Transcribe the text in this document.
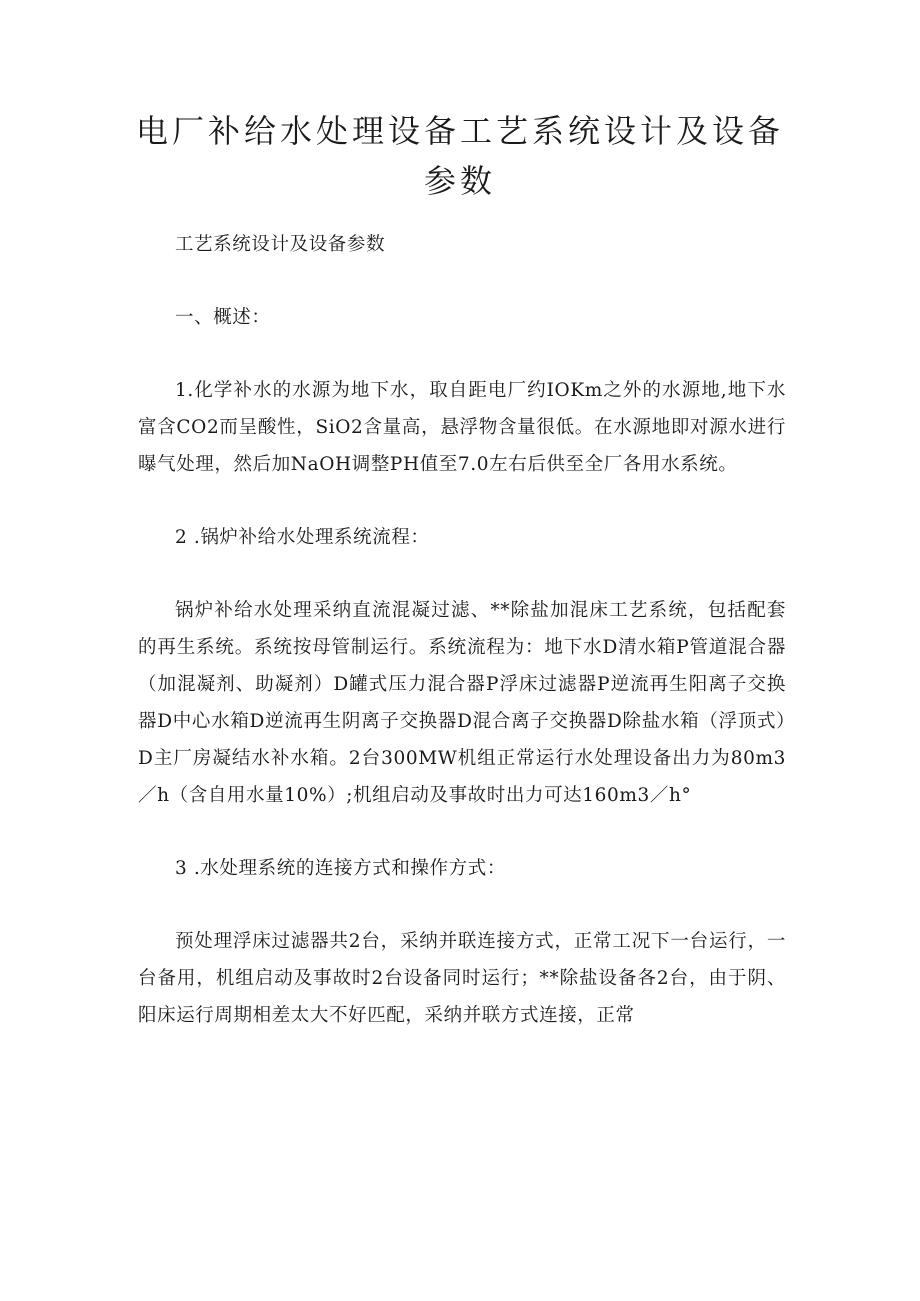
电厂补给水处理设备工艺系统设计及设备参数

工艺系统设计及设备参数

一、概述：

1.化学补水的水源为地下水，取自距电厂约IOKm之外的水源地,地下水富含CO2而呈酸性，SiO2含量高，悬浮物含量很低。在水源地即对源水进行曝气处理，然后加NaOH调整PH值至7.0左右后供至全厂各用水系统。

2 .锅炉补给水处理系统流程：

锅炉补给水处理采纳直流混凝过滤、**除盐加混床工艺系统，包括配套的再生系统。系统按母管制运行。系统流程为：地下水D清水箱P管道混合器（加混凝剂、助凝剂）D罐式压力混合器P浮床过滤器P逆流再生阳离子交换器D中心水箱D逆流再生阴离子交换器D混合离子交换器D除盐水箱（浮顶式）D主厂房凝结水补水箱。2台300MW机组正常运行水处理设备出力为80m3／h（含自用水量10%）;机组启动及事故时出力可达160m3／h°

3 .水处理系统的连接方式和操作方式：

预处理浮床过滤器共2台，采纳并联连接方式，正常工况下一台运行，一台备用，机组启动及事故时2台设备同时运行；**除盐设备各2台，由于阴、阳床运行周期相差太大不好匹配，采纳并联方式连接，正常
